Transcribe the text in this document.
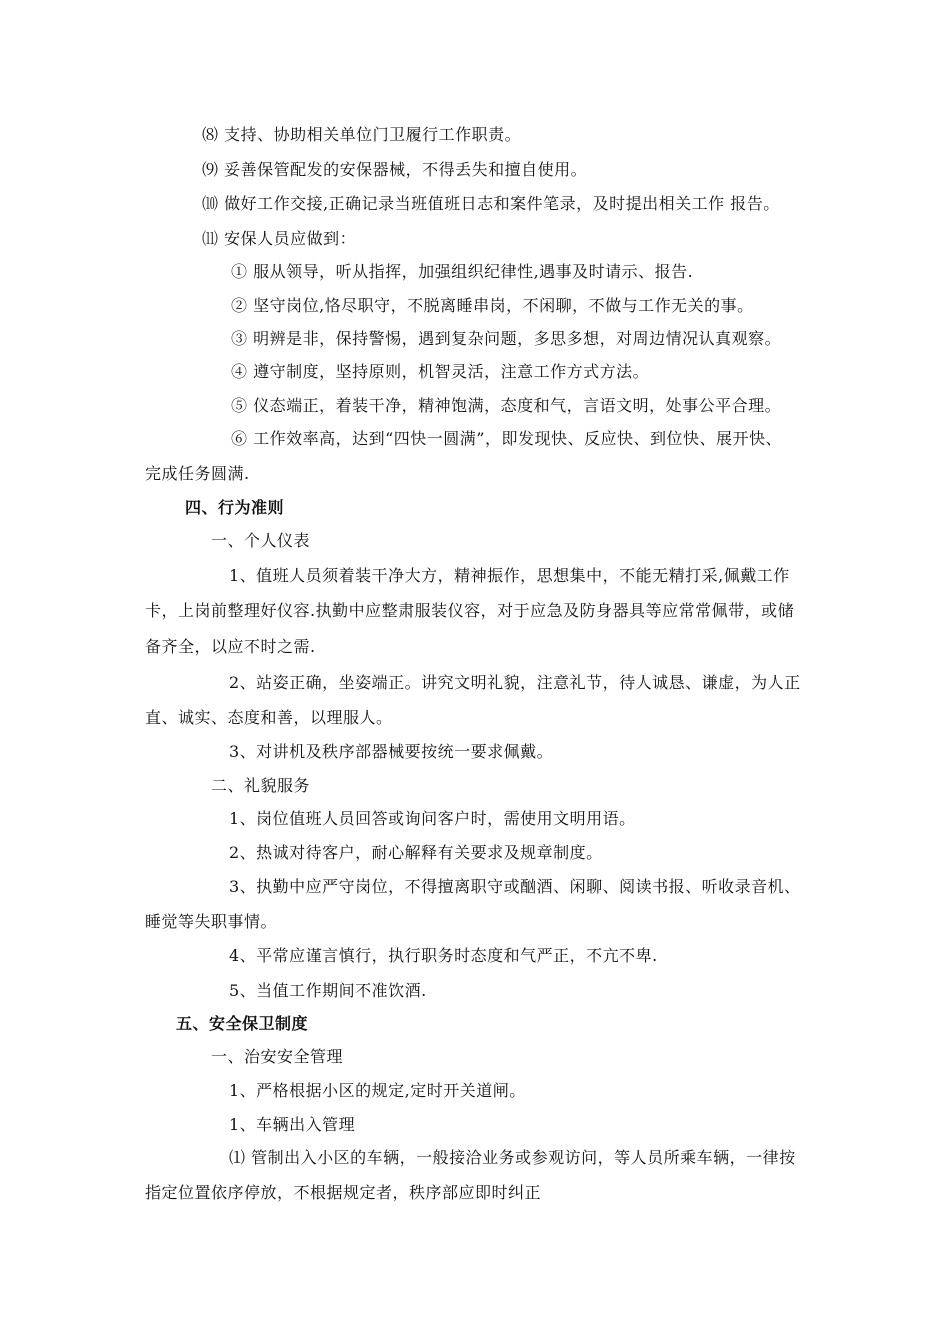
⑻ 支持、协助相关单位门卫履行工作职责。
⑼ 妥善保管配发的安保器械，不得丢失和擅自使用。
⑽ 做好工作交接,正确记录当班值班日志和案件笔录，及时提出相关工作 报告。
⑾ 安保人员应做到：
① 服从领导，听从指挥，加强组织纪律性,遇事及时请示、报告.
② 坚守岗位,恪尽职守，不脱离睡串岗，不闲聊，不做与工作无关的事。
③ 明辨是非，保持警惕，遇到复杂问题，多思多想，对周边情况认真观察。
④ 遵守制度，坚持原则，机智灵活，注意工作方式方法。
⑤ 仪态端正，着装干净，精神饱满，态度和气，言语文明，处事公平合理。
⑥ 工作效率高，达到“四快一圆满”，即发现快、反应快、到位快、展开快、
完成任务圆满.
四、行为准则
一、个人仪表
1、值班人员须着装干净大方，精神振作，思想集中，不能无精打采,佩戴工作
卡，上岗前整理好仪容.执勤中应整肃服装仪容，对于应急及防身器具等应常常佩带，或储
备齐全，以应不时之需.
2、站姿正确，坐姿端正。讲究文明礼貌，注意礼节，待人诚恳、谦虚，为人正
直、诚实、态度和善，以理服人。
3、对讲机及秩序部器械要按统一要求佩戴。
二、礼貌服务
1、岗位值班人员回答或询问客户时，需使用文明用语。
2、热诚对待客户，耐心解释有关要求及规章制度。
3、执勤中应严守岗位，不得擅离职守或酗酒、闲聊、阅读书报、听收录音机、
睡觉等失职事情。
4、平常应谨言慎行，执行职务时态度和气严正，不亢不卑.
5、当值工作期间不准饮酒.
五、安全保卫制度
一、治安安全管理
1、严格根据小区的规定,定时开关道闸。
1、车辆出入管理
⑴ 管制出入小区的车辆，一般接洽业务或参观访问，等人员所乘车辆，一律按
指定位置依序停放，不根据规定者，秩序部应即时纠正
